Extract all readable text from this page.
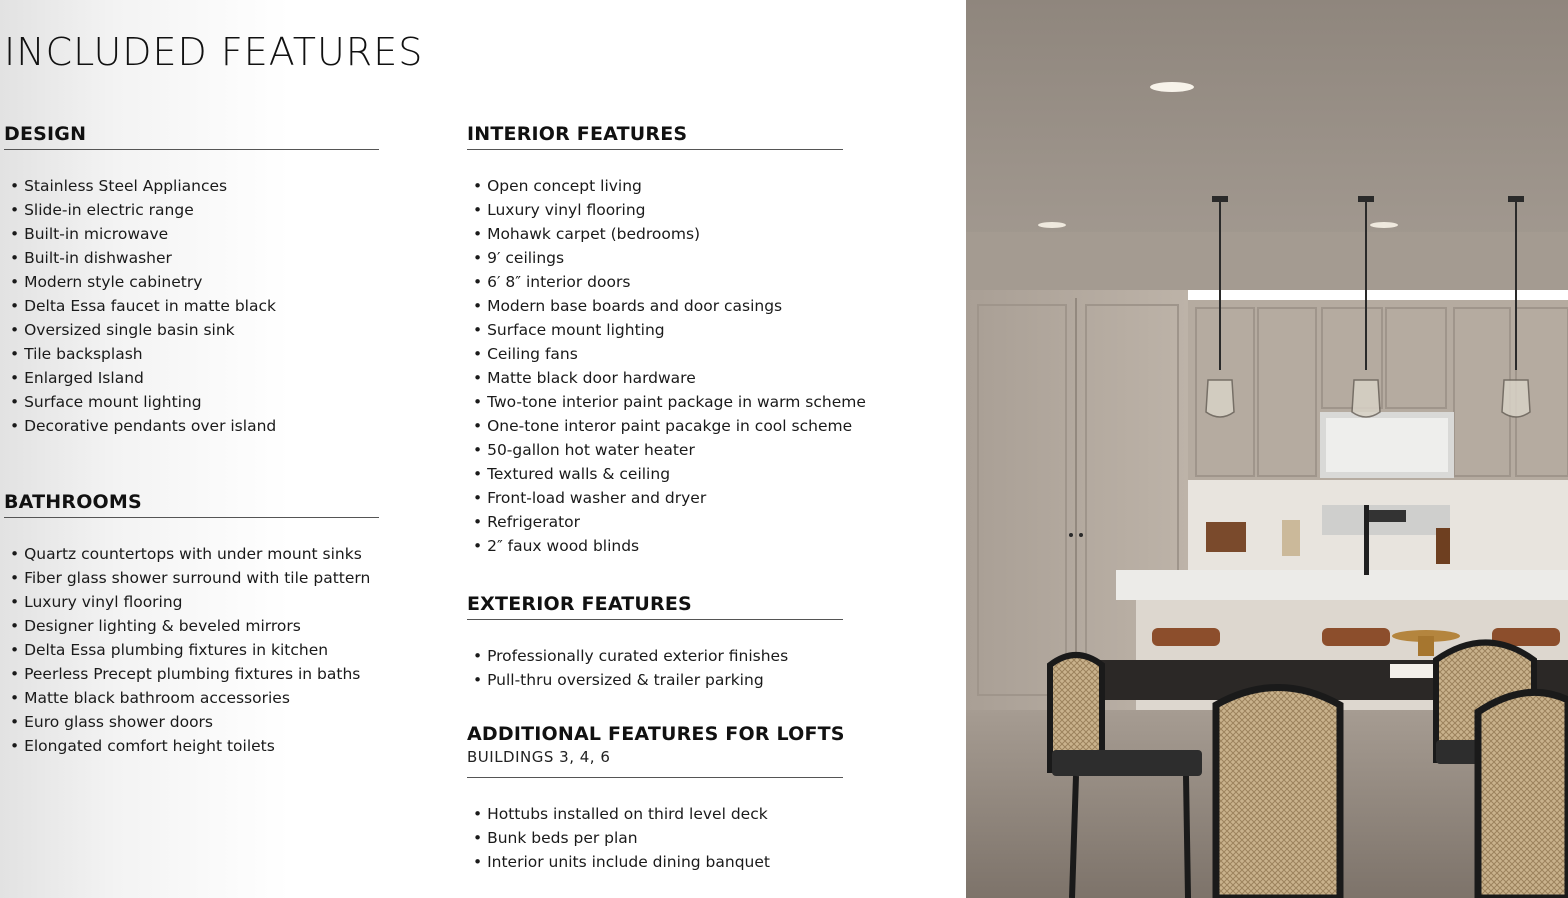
INCLUDED FEATURES
DESIGN
• Stainless Steel Appliances
• Slide-in electric range
• Built-in microwave
• Built-in dishwasher
• Modern style cabinetry
• Delta Essa faucet in matte black
• Oversized single basin sink
• Tile backsplash
• Enlarged Island
• Surface mount lighting
• Decorative pendants over island
BATHROOMS
• Quartz countertops with under mount sinks
• Fiber glass shower surround with tile pattern
• Luxury vinyl flooring
• Designer lighting & beveled mirrors
• Delta Essa plumbing fixtures in kitchen
• Peerless Precept plumbing fixtures in baths
• Matte black bathroom accessories
• Euro glass shower doors
• Elongated comfort height toilets
INTERIOR FEATURES
• Open concept living
• Luxury vinyl flooring
• Mohawk carpet (bedrooms)
• 9′ ceilings
• 6′ 8″ interior doors
• Modern base boards and door casings
• Surface mount lighting
• Ceiling fans
• Matte black door hardware
• Two-tone interior paint package in warm scheme
• One-tone interor paint pacakge in cool scheme
• 50-gallon hot water heater
• Textured walls & ceiling
• Front-load washer and dryer
• Refrigerator
• 2″ faux wood blinds
EXTERIOR FEATURES
• Professionally curated exterior finishes
• Pull-thru oversized & trailer parking
ADDITIONAL FEATURES FOR LOFTS
BUILDINGS 3, 4, 6
• Hottubs installed on third level deck
• Bunk beds per plan
• Interior units include dining banquet
